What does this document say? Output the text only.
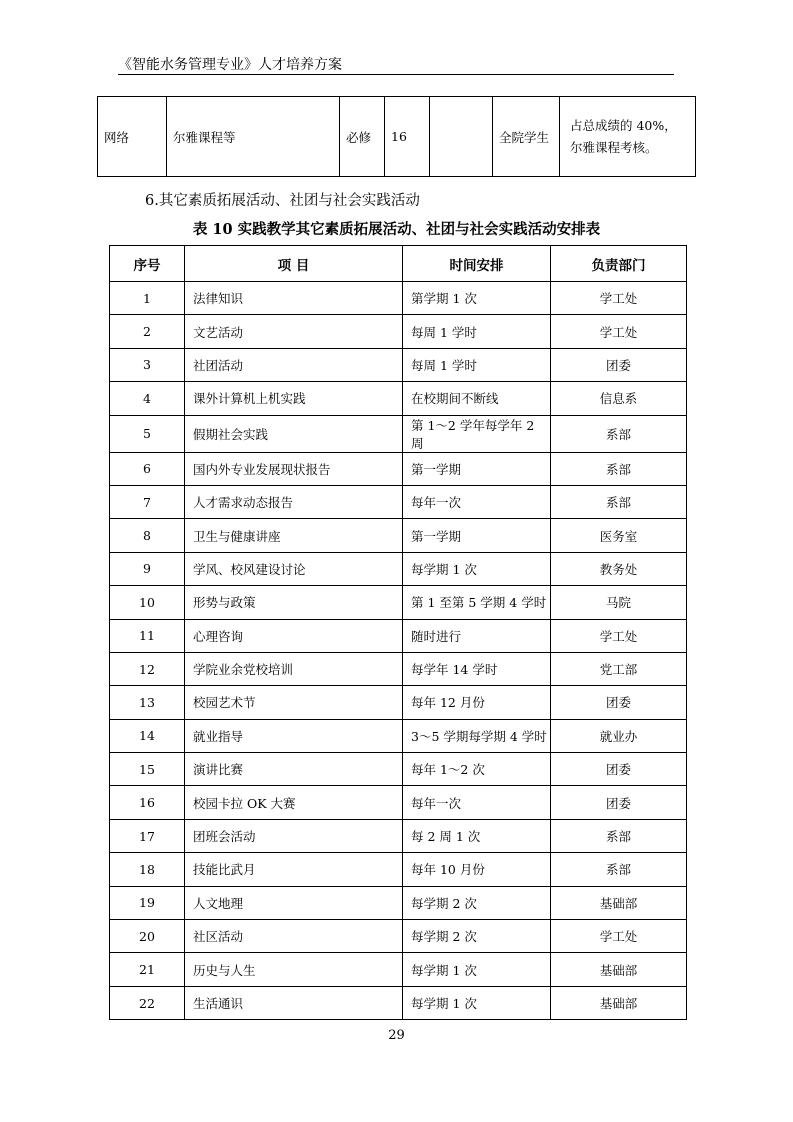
《智能水务管理专业》人才培养方案
网络	尔雅课程等	必修	16		全院学生	占总成绩的 40%，尔雅课程考核。
6.其它素质拓展活动、社团与社会实践活动
表 10 实践教学其它素质拓展活动、社团与社会实践活动安排表
序号	项 目	时间安排	负责部门
1	法律知识	第学期 1 次	学工处
2	文艺活动	每周 1 学时	学工处
3	社团活动	每周 1 学时	团委
4	课外计算机上机实践	在校期间不断线	信息系
5	假期社会实践	第 1～2 学年每学年 2 周	系部
6	国内外专业发展现状报告	第一学期	系部
7	人才需求动态报告	每年一次	系部
8	卫生与健康讲座	第一学期	医务室
9	学风、校风建设讨论	每学期 1 次	教务处
10	形势与政策	第 1 至第 5 学期 4 学时	马院
11	心理咨询	随时进行	学工处
12	学院业余党校培训	每学年 14 学时	党工部
13	校园艺术节	每年 12 月份	团委
14	就业指导	3～5 学期每学期 4 学时	就业办
15	演讲比赛	每年 1～2 次	团委
16	校园卡拉 OK 大赛	每年一次	团委
17	团班会活动	每 2 周 1 次	系部
18	技能比武月	每年 10 月份	系部
19	人文地理	每学期 2 次	基础部
20	社区活动	每学期 2 次	学工处
21	历史与人生	每学期 1 次	基础部
22	生活通识	每学期 1 次	基础部
29
